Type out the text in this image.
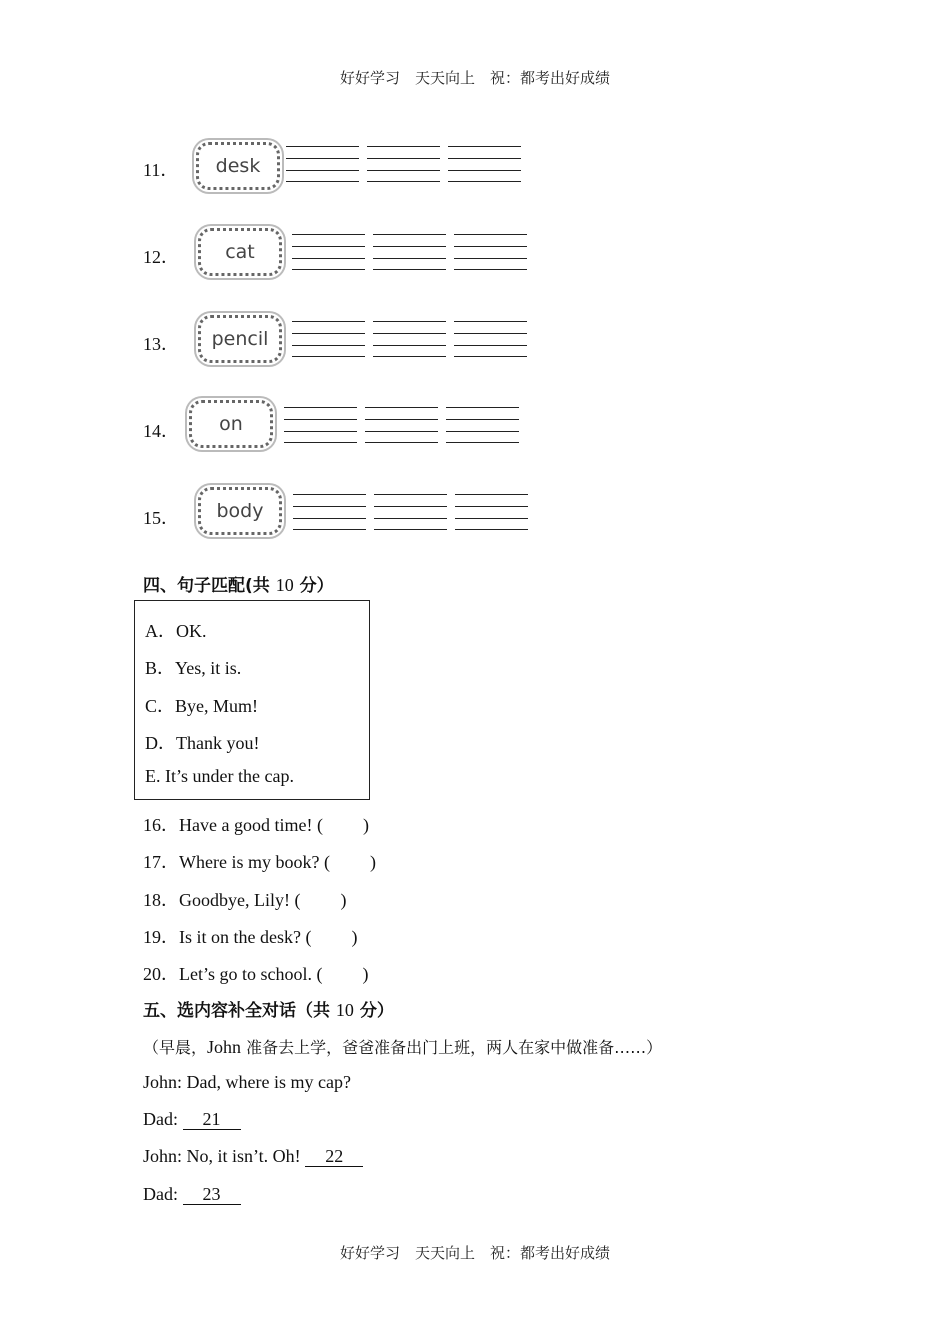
好好学习　天天向上　祝：都考出好成绩
11．	desk
12．	cat
13．	pencil
14．	on
15．	body
四、句子匹配(共 10 分）
A．OK.
B．Yes, it is.
C．Bye, Mum!
D．Thank you!
E. It’s under the cap.
16．Have a good time! ( )
17．Where is my book? ( )
18．Goodbye, Lily! ( )
19．Is it on the desk? ( )
20．Let’s go to school. ( )
五、选内容补全对话（共 10 分）
（早晨，John 准备去上学，爸爸准备出门上班，两人在家中做准备……）
John: Dad, where is my cap?
Dad: 21
John: No, it isn’t. Oh! 22
Dad: 23
好好学习　天天向上　祝：都考出好成绩
